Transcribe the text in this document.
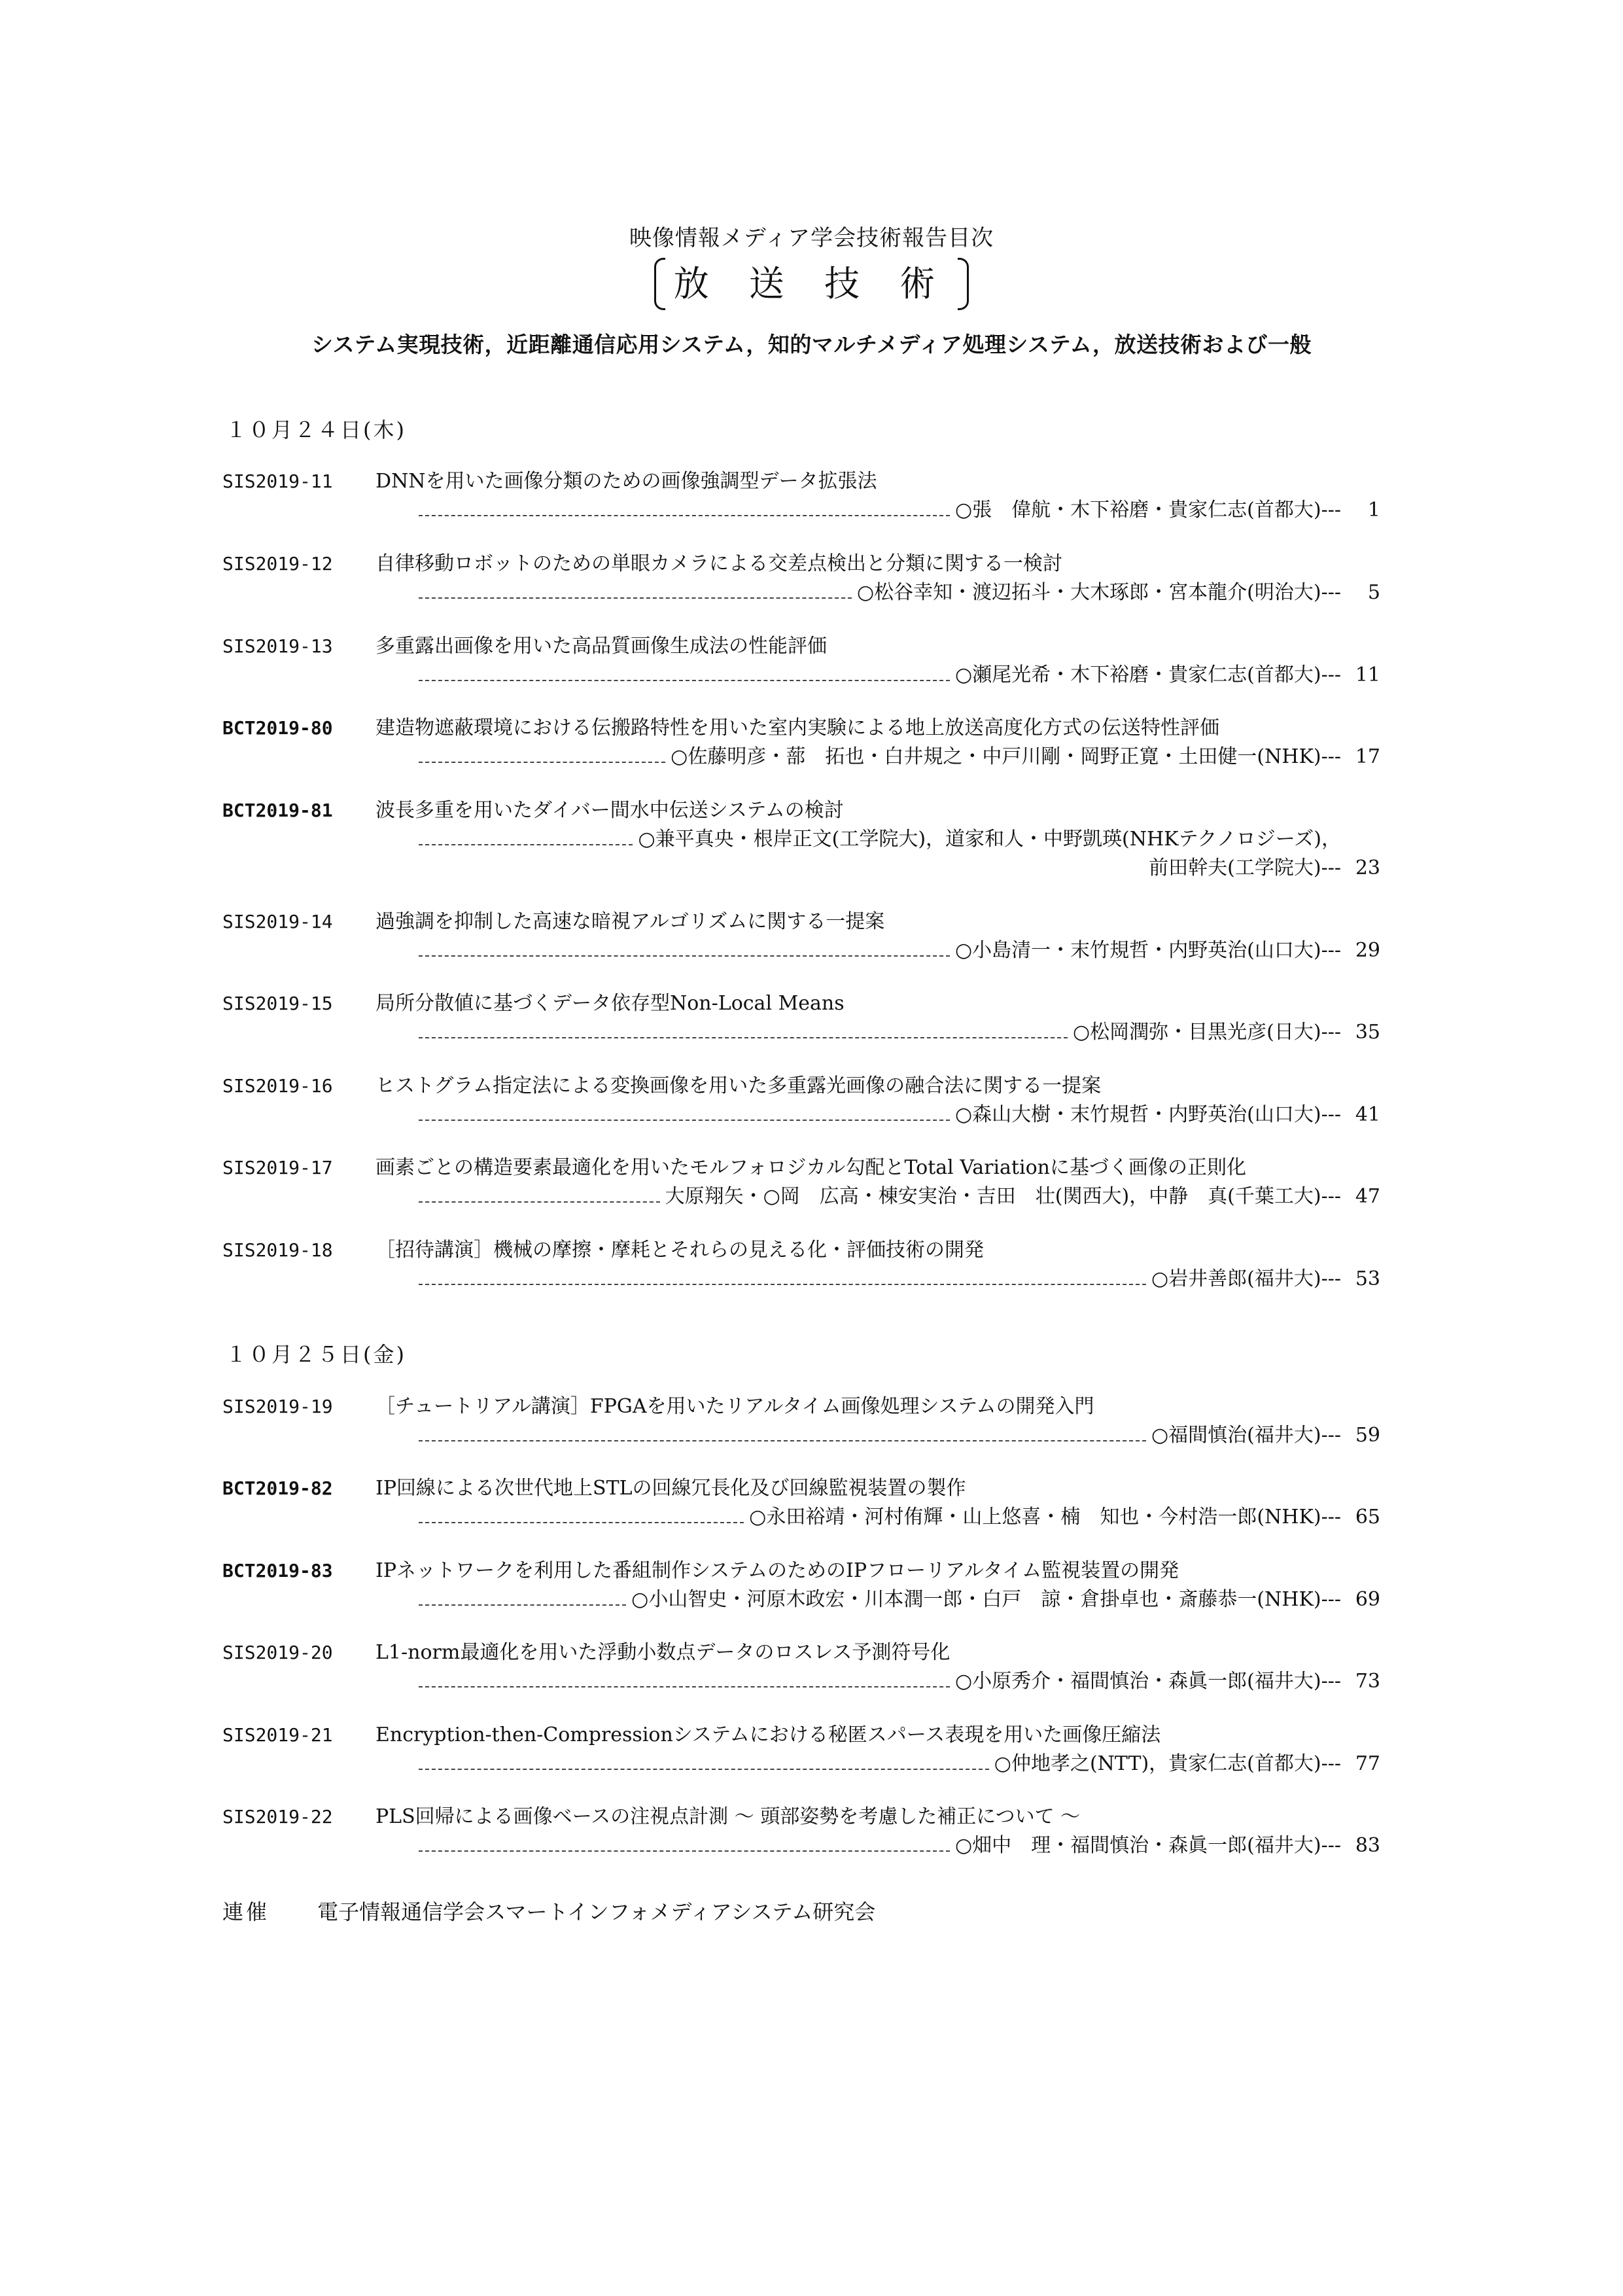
映像情報メディア学会技術報告目次

放 送 技 術
システム実現技術，近距離通信応用システム，知的マルチメディア処理システム，放送技術および一般
１０月２４日(木)
SIS2019-11 DNNを用いた画像分類のための画像強調型データ拡張法
○張　偉航・木下裕磨・貴家仁志(首都大)---	1
SIS2019-12 自律移動ロボットのための単眼カメラによる交差点検出と分類に関する一検討
○松谷幸知・渡辺拓斗・大木琢郎・宮本龍介(明治大)---	5
SIS2019-13 多重露出画像を用いた高品質画像生成法の性能評価
○瀬尾光希・木下裕磨・貴家仁志(首都大)--- 11
BCT2019-80 建造物遮蔽環境における伝搬路特性を用いた室内実験による地上放送高度化方式の伝送特性評価
○佐藤明彦・蔀　拓也・白井規之・中戸川剛・岡野正寛・土田健一(NHK)--- 17
BCT2019-81 波長多重を用いたダイバー間水中伝送システムの検討
○兼平真央・根岸正文(工学院大)，道家和人・中野凱瑛(NHKテクノロジーズ)，
前田幹夫(工学院大)--- 23
SIS2019-14 過強調を抑制した高速な暗視アルゴリズムに関する一提案
○小島清一・末竹規哲・内野英治(山口大)--- 29
SIS2019-15 局所分散値に基づくデータ依存型Non-Local Means
○松岡潤弥・目黒光彦(日大)--- 35
SIS2019-16 ヒストグラム指定法による変換画像を用いた多重露光画像の融合法に関する一提案
○森山大樹・末竹規哲・内野英治(山口大)--- 41
SIS2019-17 画素ごとの構造要素最適化を用いたモルフォロジカル勾配とTotal Variationに基づく画像の正則化
大原翔矢・○岡　広高・棟安実治・吉田　壮(関西大)，中静　真(千葉工大)--- 47
SIS2019-18 ［招待講演］機械の摩擦・摩耗とそれらの見える化・評価技術の開発
○岩井善郎(福井大)--- 53
１０月２５日(金)
SIS2019-19 ［チュートリアル講演］FPGAを用いたリアルタイム画像処理システムの開発入門
○福間慎治(福井大)--- 59
BCT2019-82 IP回線による次世代地上STLの回線冗長化及び回線監視装置の製作
○永田裕靖・河村侑輝・山上悠喜・楠　知也・今村浩一郎(NHK)--- 65
BCT2019-83 IPネットワークを利用した番組制作システムのためのIPフローリアルタイム監視装置の開発
○小山智史・河原木政宏・川本潤一郎・白戸　諒・倉掛卓也・斎藤恭一(NHK)--- 69
SIS2019-20 L1-norm最適化を用いた浮動小数点データのロスレス予測符号化
○小原秀介・福間慎治・森眞一郎(福井大)--- 73
SIS2019-21 Encryption-then-Compressionシステムにおける秘匿スパース表現を用いた画像圧縮法
○仲地孝之(NTT)，貴家仁志(首都大)--- 77
SIS2019-22 PLS回帰による画像ベースの注視点計測 ～ 頭部姿勢を考慮した補正について ～
○畑中　理・福間慎治・森眞一郎(福井大)--- 83
連催 電子情報通信学会スマートインフォメディアシステム研究会
